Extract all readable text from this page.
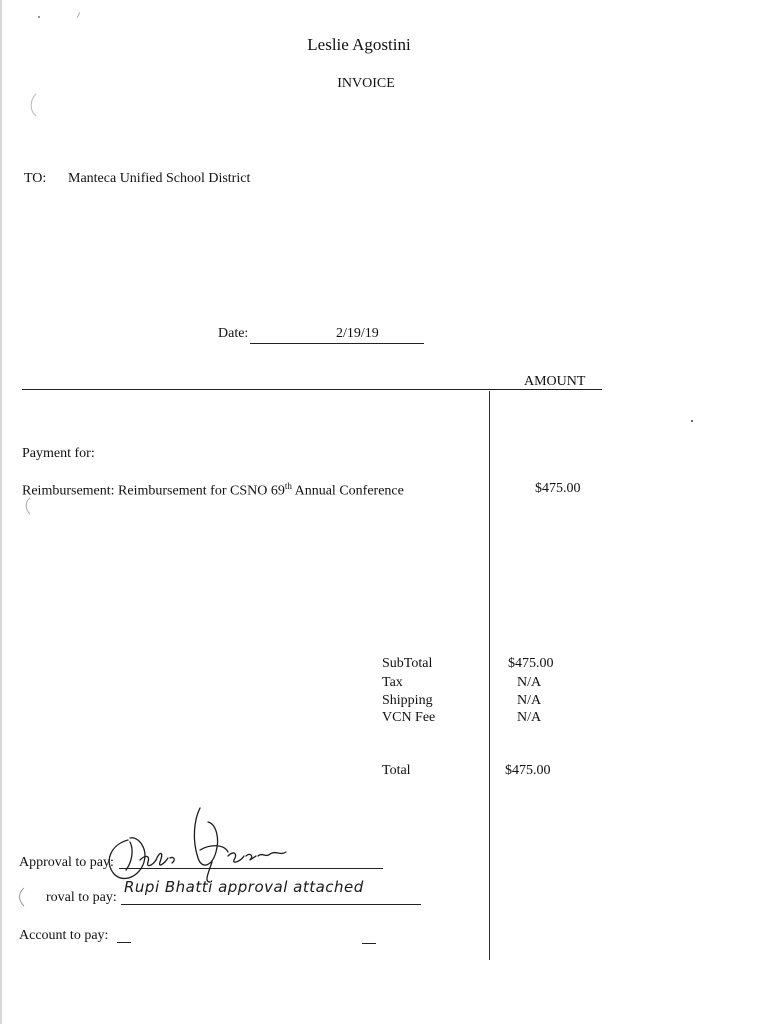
Leslie Agostini
INVOICE
TO: Manteca Unified School District
Date:	2/19/19
AMOUNT
Payment for:
Reimbursement: Reimbursement for CSNO 69th Annual Conference	$475.00
SubTotal	$475.00
Tax	N/A
Shipping	N/A
VCN Fee	N/A
Total	$475.00
Approval to pay:
roval to pay:
Rupi Bhatti approval attached
Account to pay:
